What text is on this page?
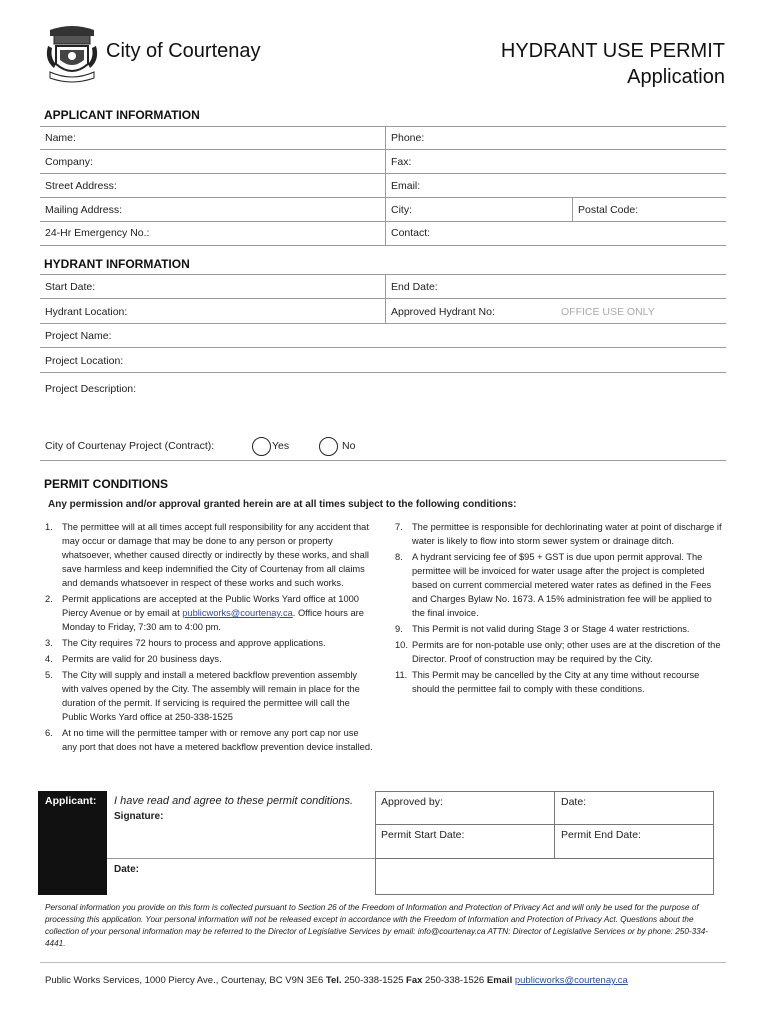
City of Courtenay	HYDRANT USE PERMIT
Application
APPLICANT INFORMATION
Name:	Phone:
Company:	Fax:
Street Address:	Email:
Mailing Address:	City:	Postal Code:
24-Hr Emergency No.:	Contact:
HYDRANT INFORMATION
Start Date:	End Date:
Hydrant Location:	Approved Hydrant No:	OFFICE USE ONLY
Project Name:
Project Location:
Project Description:
City of Courtenay Project (Contract):	Yes	No
PERMIT CONDITIONS
Any permission and/or approval granted herein are at all times subject to the following conditions:
1. The permittee will at all times accept full responsibility for any accident that may occur or damage that may be done to any person or property whatsoever, whether caused directly or indirectly by these works, and shall save harmless and keep indemnified the City of Courtenay from all claims and demands whatsoever in respect of these works and such works.
2. Permit applications are accepted at the Public Works Yard office at 1000 Piercy Avenue or by email at publicworks@courtenay.ca. Office hours are Monday to Friday, 7:30 am to 4:00 pm.
3. The City requires 72 hours to process and approve applications.
4. Permits are valid for 20 business days.
5. The City will supply and install a metered backflow prevention assembly with valves opened by the City. The assembly will remain in place for the duration of the permit. If servicing is required the permittee will call the Public Works Yard office at 250-338-1525
6. At no time will the permittee tamper with or remove any port cap nor use any port that does not have a metered backflow prevention device installed.
7. The permittee is responsible for dechlorinating water at point of discharge if water is likely to flow into storm sewer system or drainage ditch.
8. A hydrant servicing fee of $95 + GST is due upon permit approval. The permittee will be invoiced for water usage after the project is completed based on current commercial metered water rates as defined in the Fees and Charges Bylaw No. 1673. A 15% administration fee will be applied to the final invoice.
9. This Permit is not valid during Stage 3 or Stage 4 water restrictions.
10. Permits are for non-potable use only; other uses are at the discretion of the Director. Proof of construction may be required by the City.
11. This Permit may be cancelled by the City at any time without recourse should the permittee fail to comply with these conditions.
Applicant: I have read and agree to these permit conditions.
Signature:
Date:
Approved by:	Date:
Permit Start Date:	Permit End Date:
Personal information you provide on this form is collected pursuant to Section 26 of the Freedom of Information and Protection of Privacy Act and will only be used for the purpose of processing this application. Your personal information will not be released except in accordance with the Freedom of Information and Protection of Privacy Act. Questions about the collection of your personal information may be referred to the Director of Legislative Services by email: info@courtenay.ca ATTN: Director of Legislative Services or by phone: 250-334-4441.
Public Works Services, 1000 Piercy Ave., Courtenay, BC V9N 3E6 Tel. 250-338-1525 Fax 250-338-1526 Email publicworks@courtenay.ca
